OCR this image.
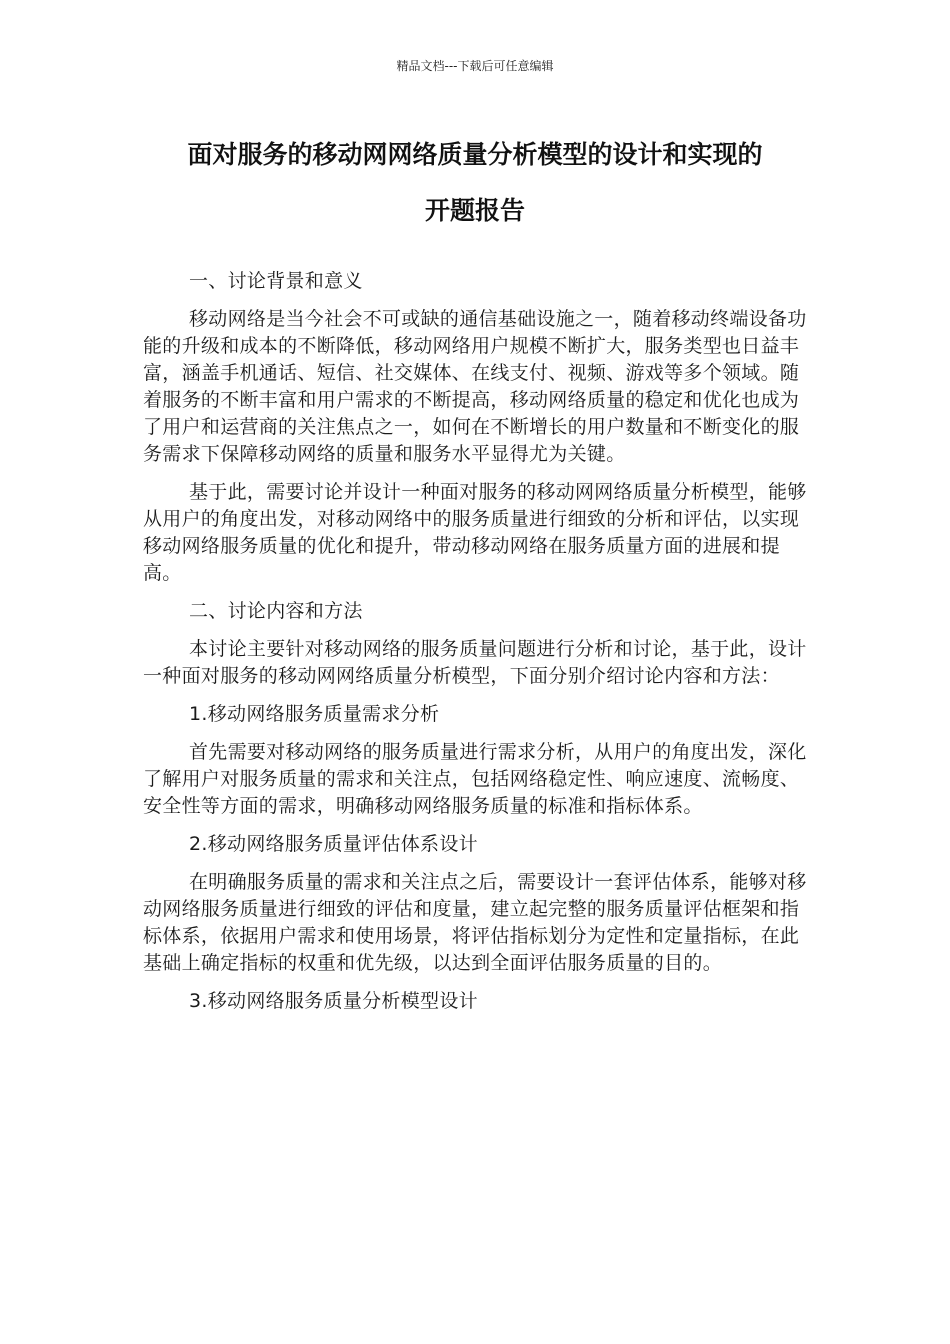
精品文档---下载后可任意编辑
面对服务的移动网网络质量分析模型的设计和实现的
开题报告

一、讨论背景和意义

移动网络是当今社会不可或缺的通信基础设施之一，随着移动终端设备功能的升级和成本的不断降低，移动网络用户规模不断扩大，服务类型也日益丰富，涵盖手机通话、短信、社交媒体、在线支付、视频、游戏等多个领域。随着服务的不断丰富和用户需求的不断提高，移动网络质量的稳定和优化也成为了用户和运营商的关注焦点之一，如何在不断增长的用户数量和不断变化的服务需求下保障移动网络的质量和服务水平显得尤为关键。

基于此，需要讨论并设计一种面对服务的移动网网络质量分析模型，能够从用户的角度出发，对移动网络中的服务质量进行细致的分析和评估，以实现移动网络服务质量的优化和提升，带动移动网络在服务质量方面的进展和提高。

二、讨论内容和方法

本讨论主要针对移动网络的服务质量问题进行分析和讨论，基于此，设计一种面对服务的移动网网络质量分析模型，下面分别介绍讨论内容和方法：

1.移动网络服务质量需求分析

首先需要对移动网络的服务质量进行需求分析，从用户的角度出发，深化了解用户对服务质量的需求和关注点，包括网络稳定性、响应速度、流畅度、安全性等方面的需求，明确移动网络服务质量的标准和指标体系。

2.移动网络服务质量评估体系设计

在明确服务质量的需求和关注点之后，需要设计一套评估体系，能够对移动网络服务质量进行细致的评估和度量，建立起完整的服务质量评估框架和指标体系，依据用户需求和使用场景，将评估指标划分为定性和定量指标，在此基础上确定指标的权重和优先级，以达到全面评估服务质量的目的。

3.移动网络服务质量分析模型设计
